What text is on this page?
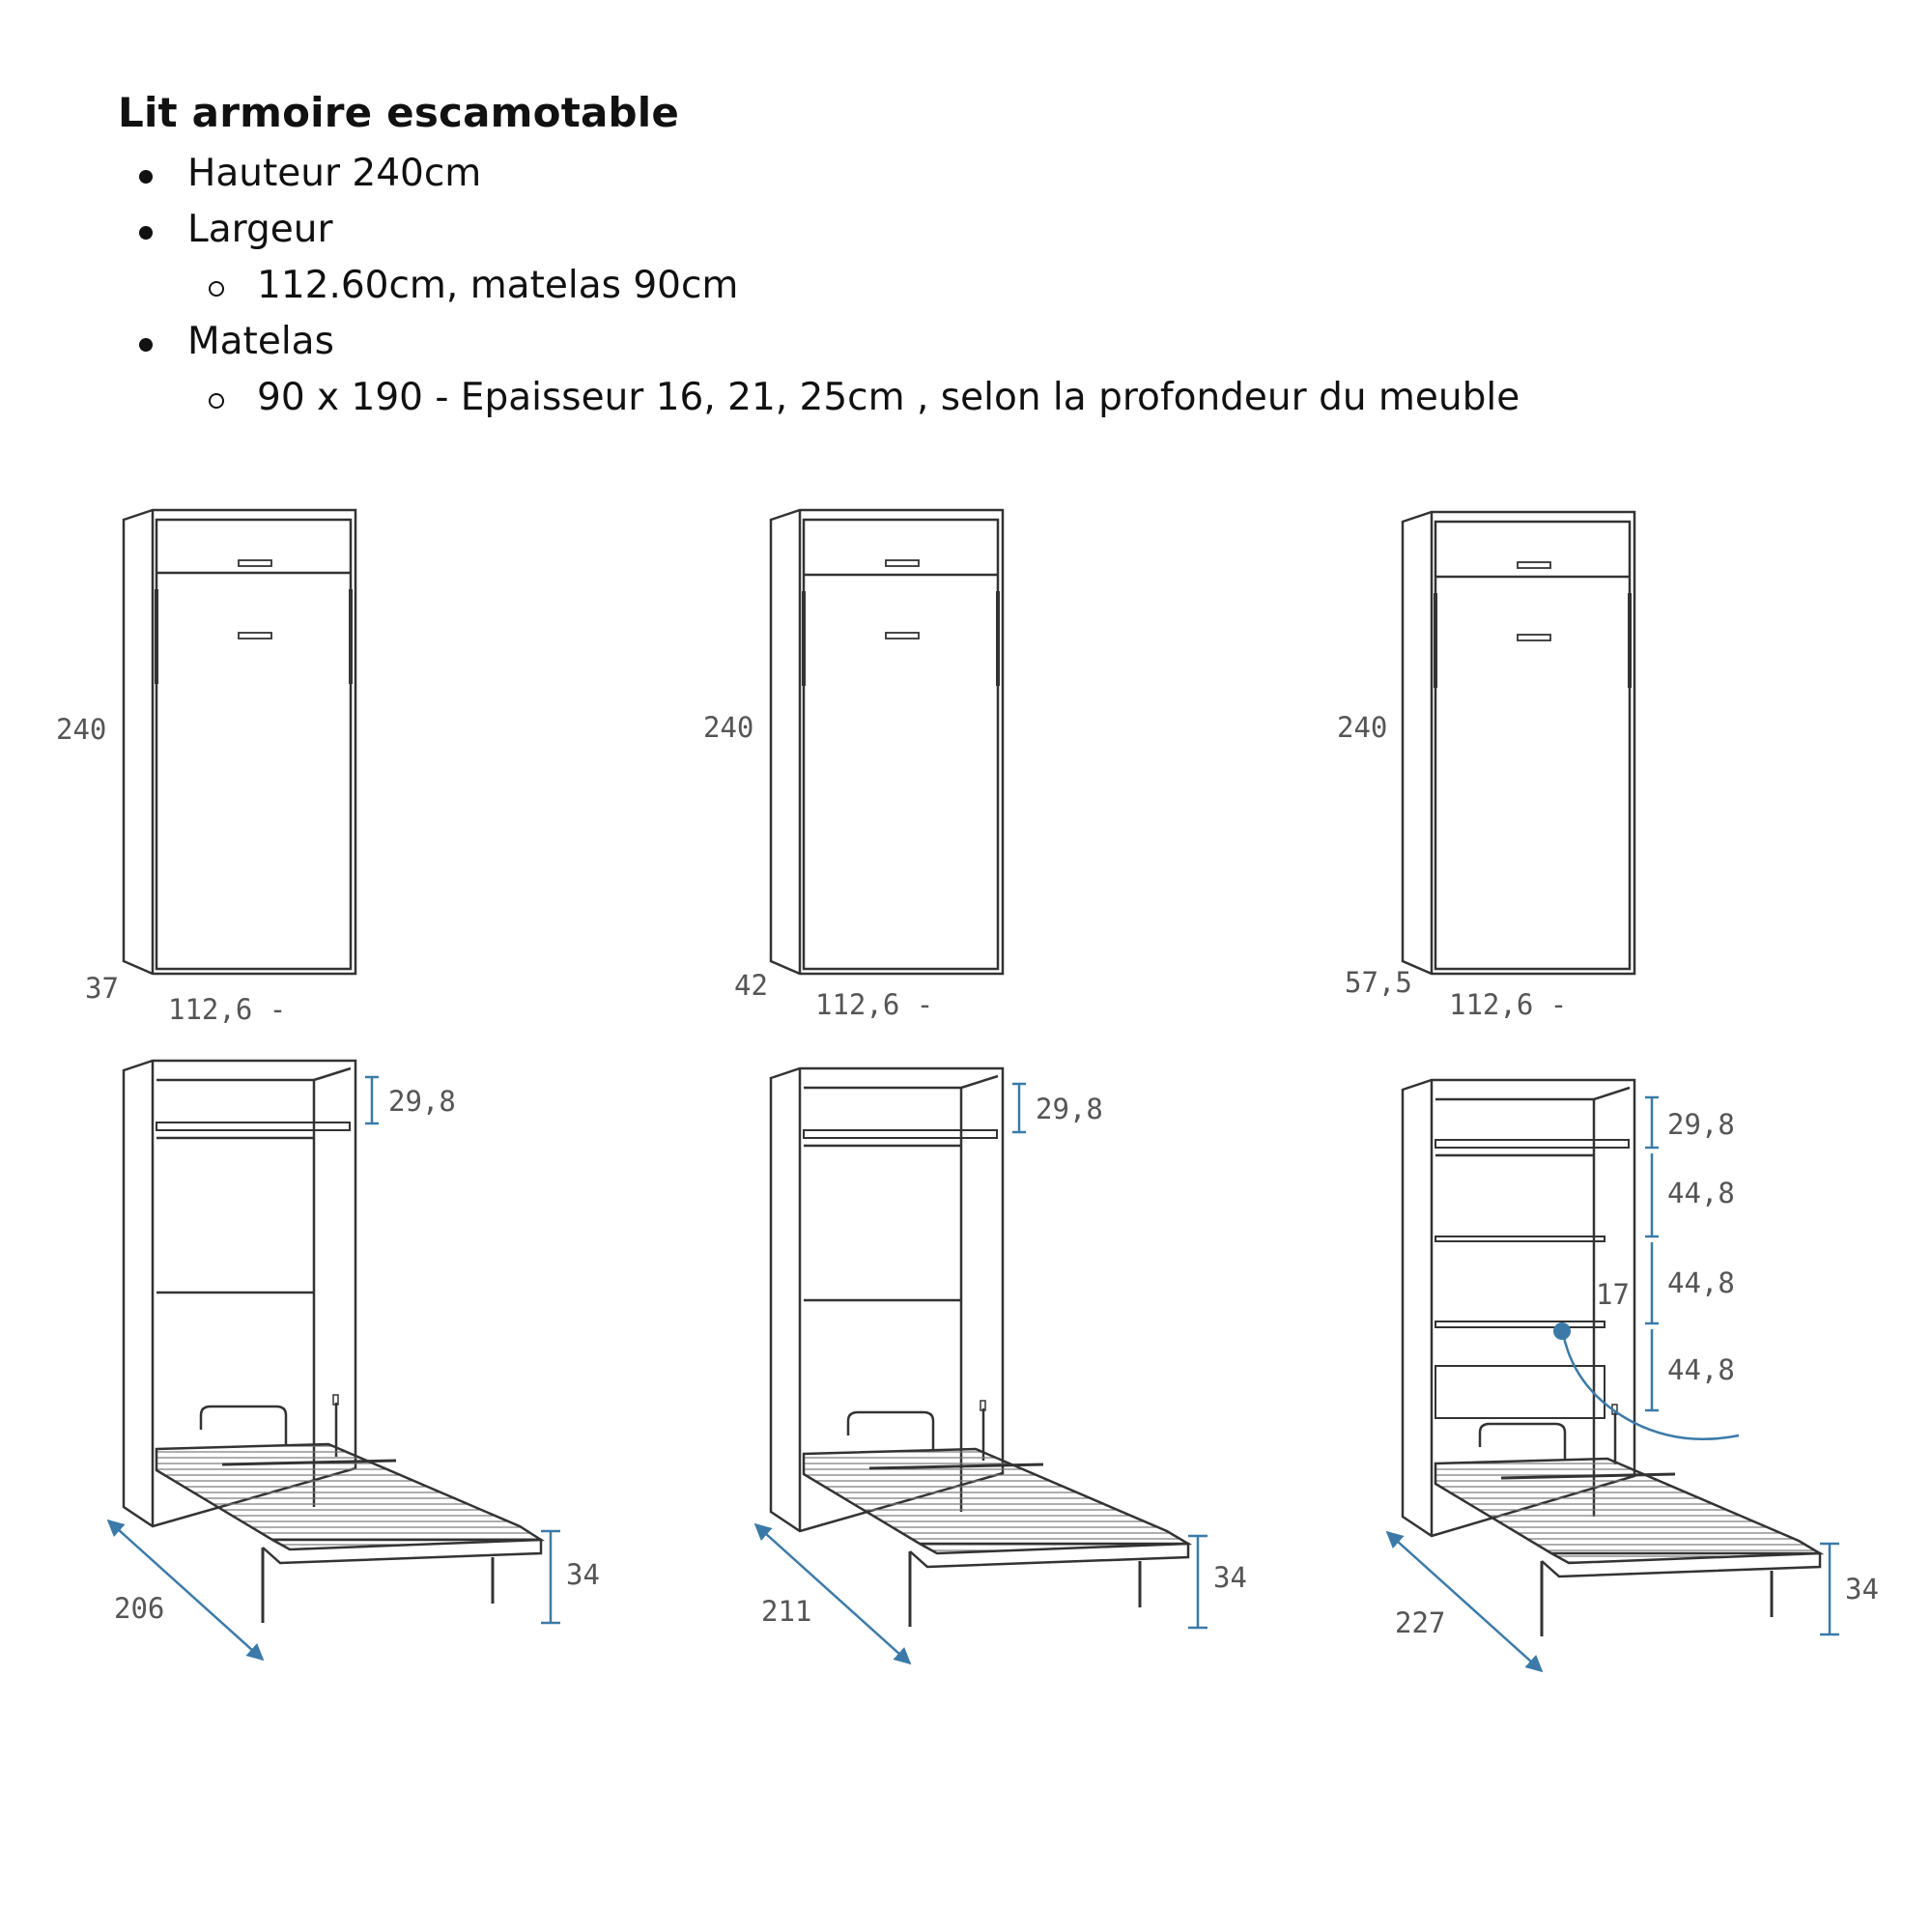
Lit armoire escamotable
Hauteur 240cm
Largeur
112.60cm, matelas 90cm
Matelas
90 x 190 - Epaisseur 16, 21, 25cm , selon la profondeur du meuble
240
37
112,6 -
240
42
112,6 -
240
57,5
112,6 -
29,8
34
206
29,8
34
211
29,8
44,8
44,8
44,8
17
34
227
